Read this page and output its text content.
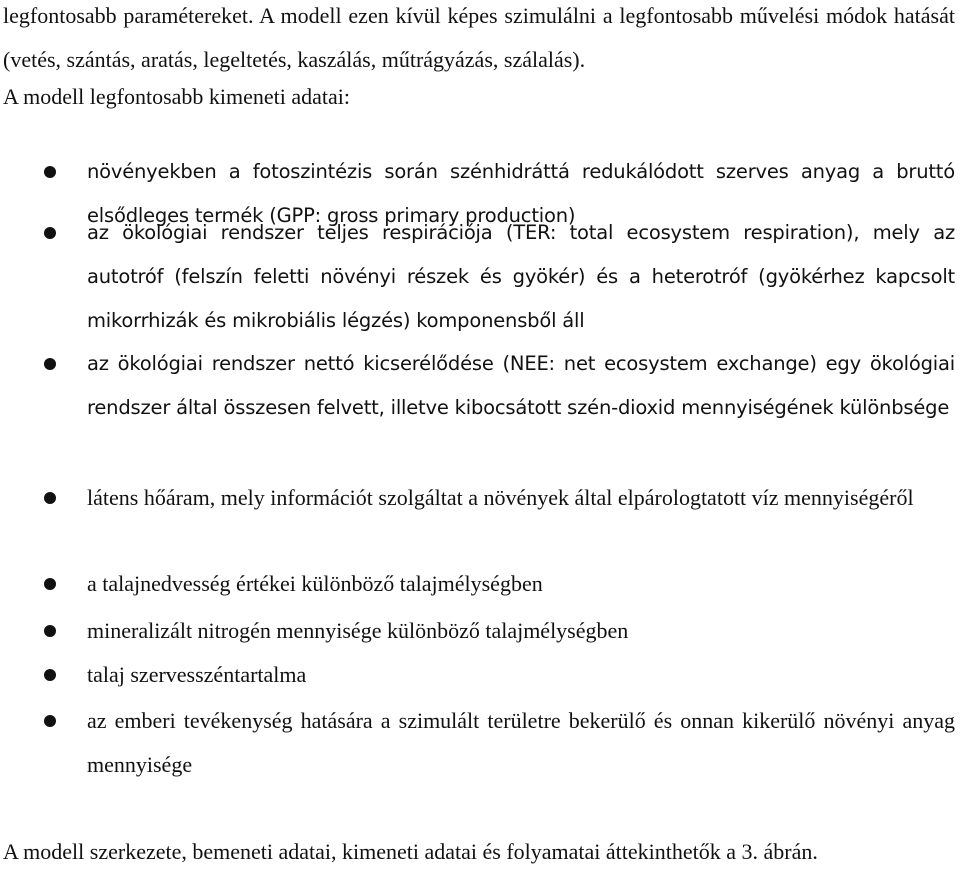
legfontosabb paramétereket. A modell ezen kívül képes szimulálni a legfontosabb művelési módok hatását (vetés, szántás, aratás, legeltetés, kaszálás, műtrágyázás, szálalás).

A modell legfontosabb kimeneti adatai:

növényekben a fotoszintézis során szénhidráttá redukálódott szerves anyag a bruttó elsődleges termék (GPP: gross primary production)
az ökológiai rendszer teljes respirációja (TER: total ecosystem respiration), mely az autotróf (felszín feletti növényi részek és gyökér) és a heterotróf (gyökérhez kapcsolt mikorrhizák és mikrobiális légzés) komponensből áll
az ökológiai rendszer nettó kicserélődése (NEE: net ecosystem exchange) egy ökológiai rendszer által összesen felvett, illetve kibocsátott szén-dioxid mennyiségének különbsége
látens hőáram, mely információt szolgáltat a növények által elpárologtatott víz mennyiségéről
a talajnedvesség értékei különböző talajmélységben
mineralizált nitrogén mennyisége különböző talajmélységben
talaj szervesszéntartalma
az emberi tevékenység hatására a szimulált területre bekerülő és onnan kikerülő növényi anyag mennyisége

A modell szerkezete, bemeneti adatai, kimeneti adatai és folyamatai áttekinthetők a 3. ábrán.
